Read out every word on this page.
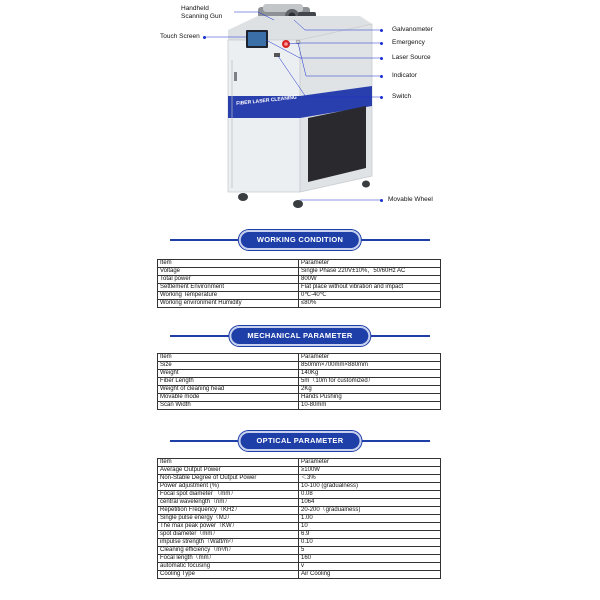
Handheld
Scanning Gun
Touch Screen
Galvanometer
Emergency
Laser Source
Indicator
Switch
Movable Wheel
FIBER LASER CLEANING
WORKING CONDITION
Item	Parameter
Voltage	Single Phase 220V±10%，50/60Hz AC
Total power	800W
Settlement Environment	Flat place without vibration and impact
Working Temperature	0℃-40℃
Working environment Humidity	≤80%
MECHANICAL PARAMETER
Item	Parameter
Size	850mm×700mm×880mm
Weight	140Kg
Fiber Length	5m（10m for customized）
Weight of cleaning head	2Kg
Movable mode	Hands Pushing
Scan Width	10-80mm
OPTICAL PARAMETER
Item	Parameter
Average Output Power	≥100W
Non-Stable Degree of Output Power	＜3%
Power adjustment (%)	10-100 (gradualness)
Focal spot diameter （mm）	0.08
central wavelength（nm）	1064
Repetition Frequency（KHz）	20-200（gradualness)
Single pulse energy（MJ）	1.00
The max peak power（KW）	10
spot diameter（mm）	6.9
impulse strength（Watt/m²）	0.10
Cleaning efficiency（m²/h）	5
Focal length（mm）	160
automatic focusing	v
Cooling Type	Air Cooling
